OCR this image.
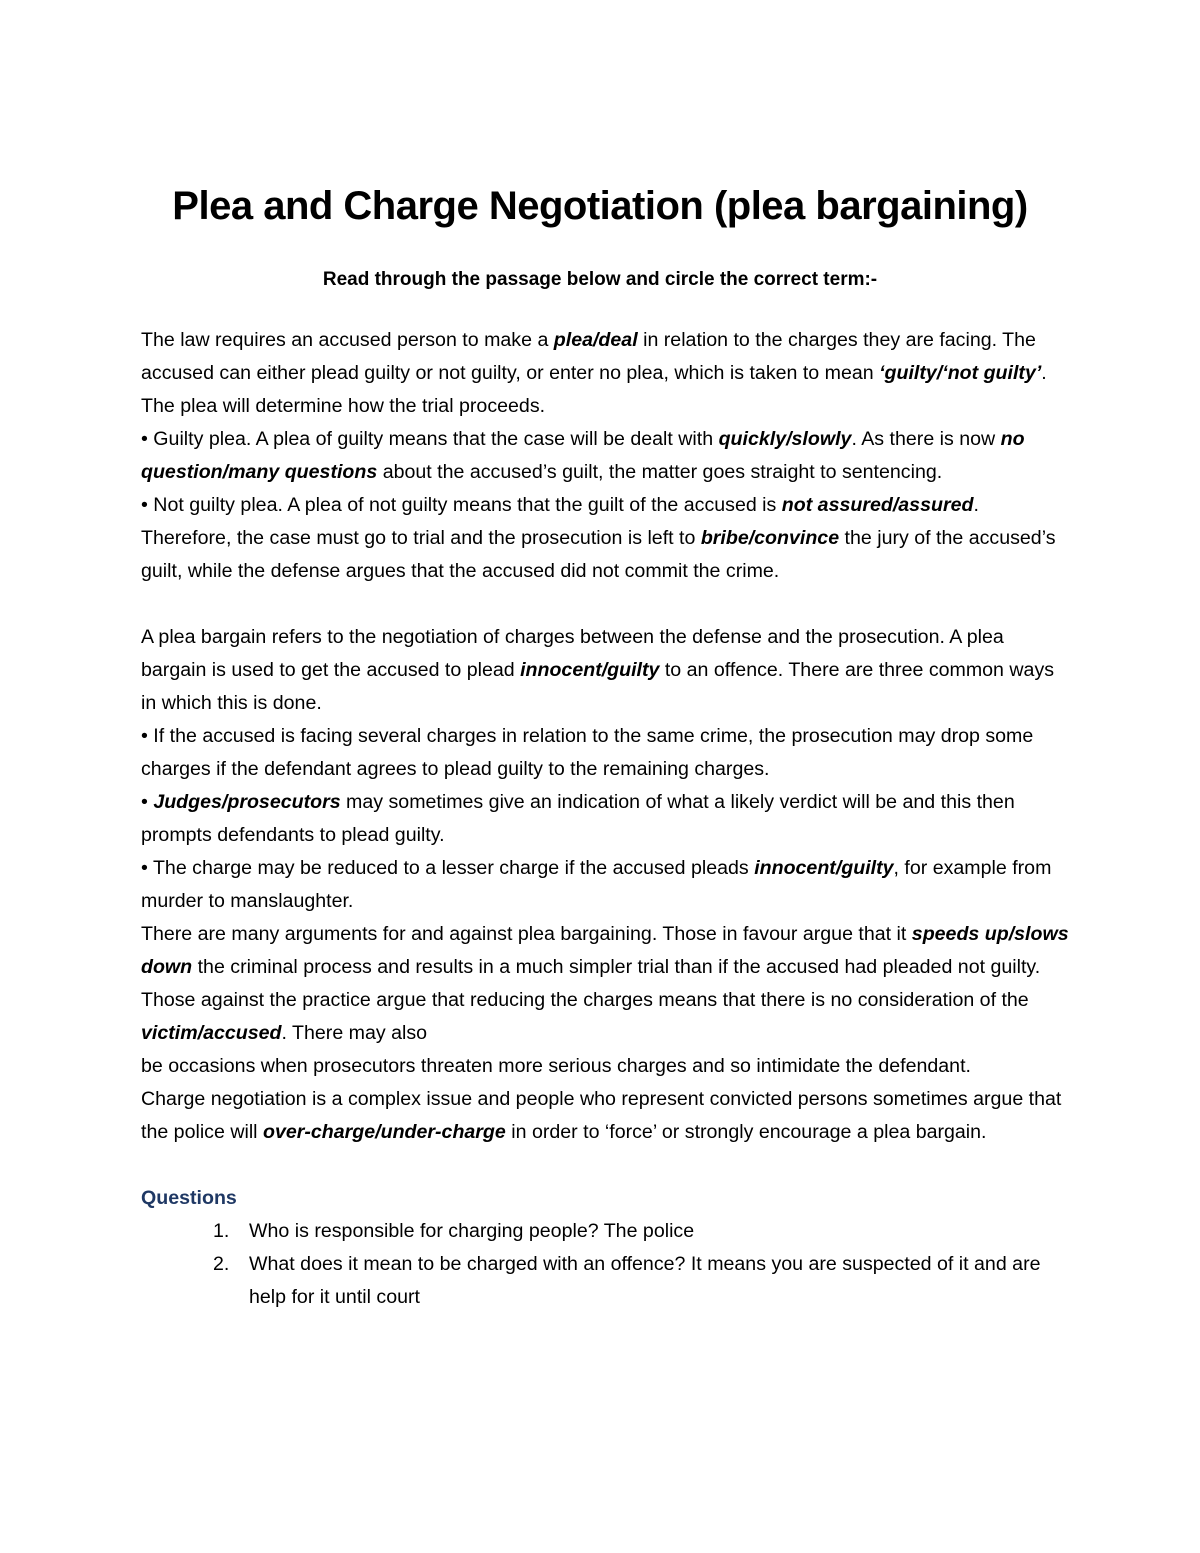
Plea and Charge Negotiation (plea bargaining)

Read through the passage below and circle the correct term:-

The law requires an accused person to make a plea/deal in relation to the charges they are facing. The accused can either plead guilty or not guilty, or enter no plea, which is taken to mean ‘guilty/‘not guilty’. The plea will determine how the trial proceeds.

• Guilty plea. A plea of guilty means that the case will be dealt with quickly/slowly. As there is now no question/many questions about the accused’s guilt, the matter goes straight to sentencing.

• Not guilty plea. A plea of not guilty means that the guilt of the accused is not assured/assured. Therefore, the case must go to trial and the prosecution is left to bribe/convince the jury of the accused’s guilt, while the defense argues that the accused did not commit the crime.

A plea bargain refers to the negotiation of charges between the defense and the prosecution. A plea bargain is used to get the accused to plead innocent/guilty to an offence. There are three common ways in which this is done.

• If the accused is facing several charges in relation to the same crime, the prosecution may drop some charges if the defendant agrees to plead guilty to the remaining charges.

• Judges/prosecutors may sometimes give an indication of what a likely verdict will be and this then prompts defendants to plead guilty.

• The charge may be reduced to a lesser charge if the accused pleads innocent/guilty, for example from murder to manslaughter.

There are many arguments for and against plea bargaining. Those in favour argue that it speeds up/slows down the criminal process and results in a much simpler trial than if the accused had pleaded not guilty. Those against the practice argue that reducing the charges means that there is no consideration of the victim/accused. There may also

be occasions when prosecutors threaten more serious charges and so intimidate the defendant.

Charge negotiation is a complex issue and people who represent convicted persons sometimes argue that the police will over-charge/under-charge in order to ‘force’ or strongly encourage a plea bargain.

Questions

1. Who is responsible for charging people? The police
2. What does it mean to be charged with an offence? It means you are suspected of it and are help for it until court
